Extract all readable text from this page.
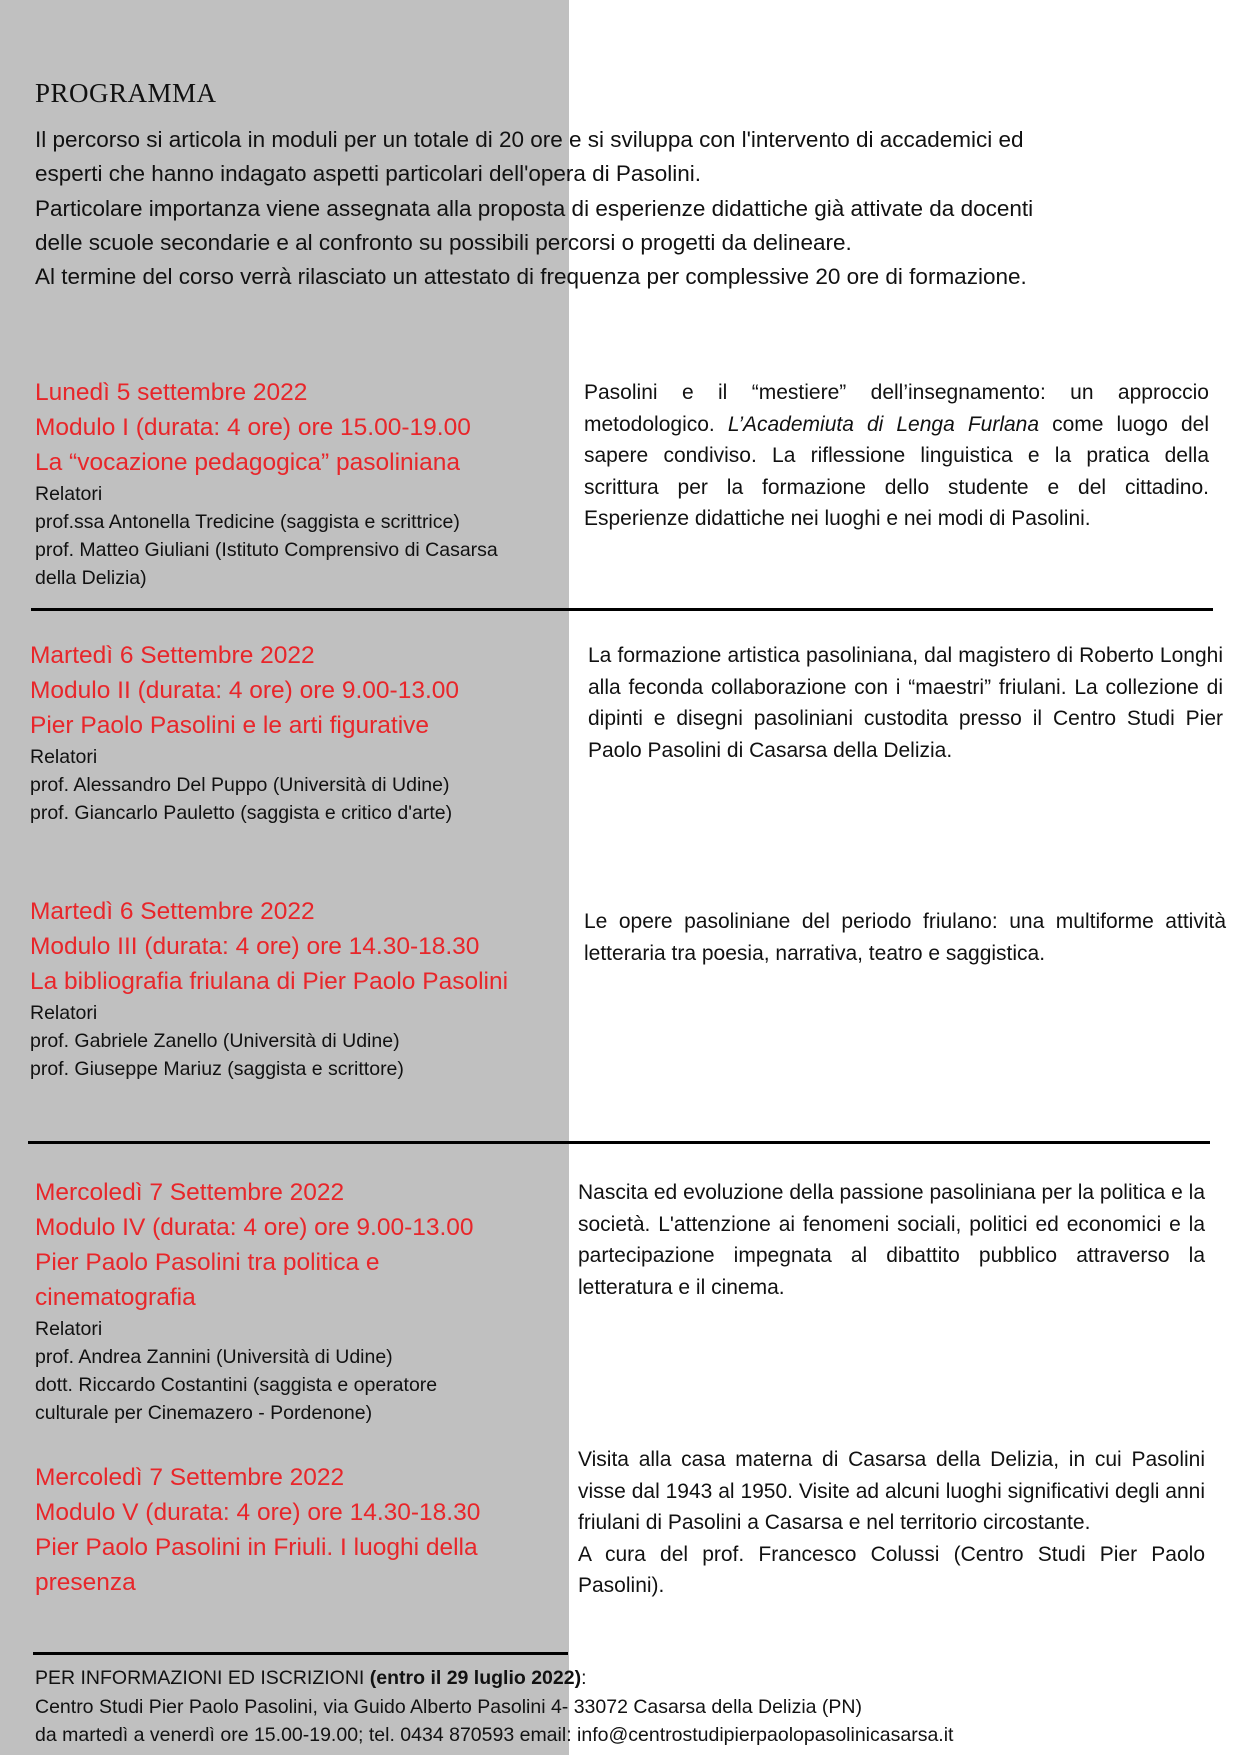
PROGRAMMA
Il percorso si articola in moduli per un totale di 20 ore e si sviluppa con l'intervento di accademici ed
esperti che hanno indagato aspetti particolari dell'opera di Pasolini.
Particolare importanza viene assegnata alla proposta di esperienze didattiche già attivate da docenti
delle scuole secondarie e al confronto su possibili percorsi o progetti da delineare.
Al termine del corso verrà rilasciato un attestato di frequenza per complessive 20 ore di formazione.
Lunedì 5 settembre 2022
Modulo I (durata: 4 ore) ore 15.00-19.00
La “vocazione pedagogica” pasoliniana
Relatori
prof.ssa Antonella Tredicine (saggista e scrittrice)
prof. Matteo Giuliani (Istituto Comprensivo di Casarsa
della Delizia)
Pasolini e il “mestiere” dell’insegnamento: un approccio metodologico. L’Academiuta di Lenga Furlana come luogo del sapere condiviso. La riflessione linguistica e la pratica della scrittura per la formazione dello studente e del cittadino. Esperienze didattiche nei luoghi e nei modi di Pasolini.
Martedì 6 Settembre 2022
Modulo II (durata: 4 ore) ore 9.00-13.00
Pier Paolo Pasolini e le arti figurative
Relatori
prof. Alessandro Del Puppo (Università di Udine)
prof. Giancarlo Pauletto (saggista e critico d'arte)
La formazione artistica pasoliniana, dal magistero di Roberto Longhi alla feconda collaborazione con i “maestri” friulani. La collezione di dipinti e disegni pasoliniani custodita presso il Centro Studi Pier Paolo Pasolini di Casarsa della Delizia.
Martedì 6 Settembre 2022
Modulo III (durata: 4 ore) ore 14.30-18.30
La bibliografia friulana di Pier Paolo Pasolini
Relatori
prof. Gabriele Zanello (Università di Udine)
prof. Giuseppe Mariuz (saggista e scrittore)
Le opere pasoliniane del periodo friulano: una multiforme attività letteraria tra poesia, narrativa, teatro e saggistica.
Mercoledì 7 Settembre 2022
Modulo IV (durata: 4 ore) ore 9.00-13.00
Pier Paolo Pasolini tra politica e
cinematografia
Relatori
prof. Andrea Zannini (Università di Udine)
dott. Riccardo Costantini (saggista e operatore
culturale per Cinemazero - Pordenone)
Nascita ed evoluzione della passione pasoliniana per la politica e la società. L'attenzione ai fenomeni sociali, politici ed economici e la partecipazione impegnata al dibattito pubblico attraverso la letteratura e il cinema.
Mercoledì 7 Settembre 2022
Modulo V (durata: 4 ore) ore 14.30-18.30
Pier Paolo Pasolini in Friuli. I luoghi della
presenza
Visita alla casa materna di Casarsa della Delizia, in cui Pasolini visse dal 1943 al 1950. Visite ad alcuni luoghi significativi degli anni friulani di Pasolini a Casarsa e nel territorio circostante.
A cura del prof. Francesco Colussi (Centro Studi Pier Paolo Pasolini).
PER INFORMAZIONI ED ISCRIZIONI (entro il 29 luglio 2022):
Centro Studi Pier Paolo Pasolini, via Guido Alberto Pasolini 4- 33072 Casarsa della Delizia (PN)
da martedì a venerdì ore 15.00-19.00; tel. 0434 870593 email: info@centrostudipierpaolopasolinicasarsa.it
